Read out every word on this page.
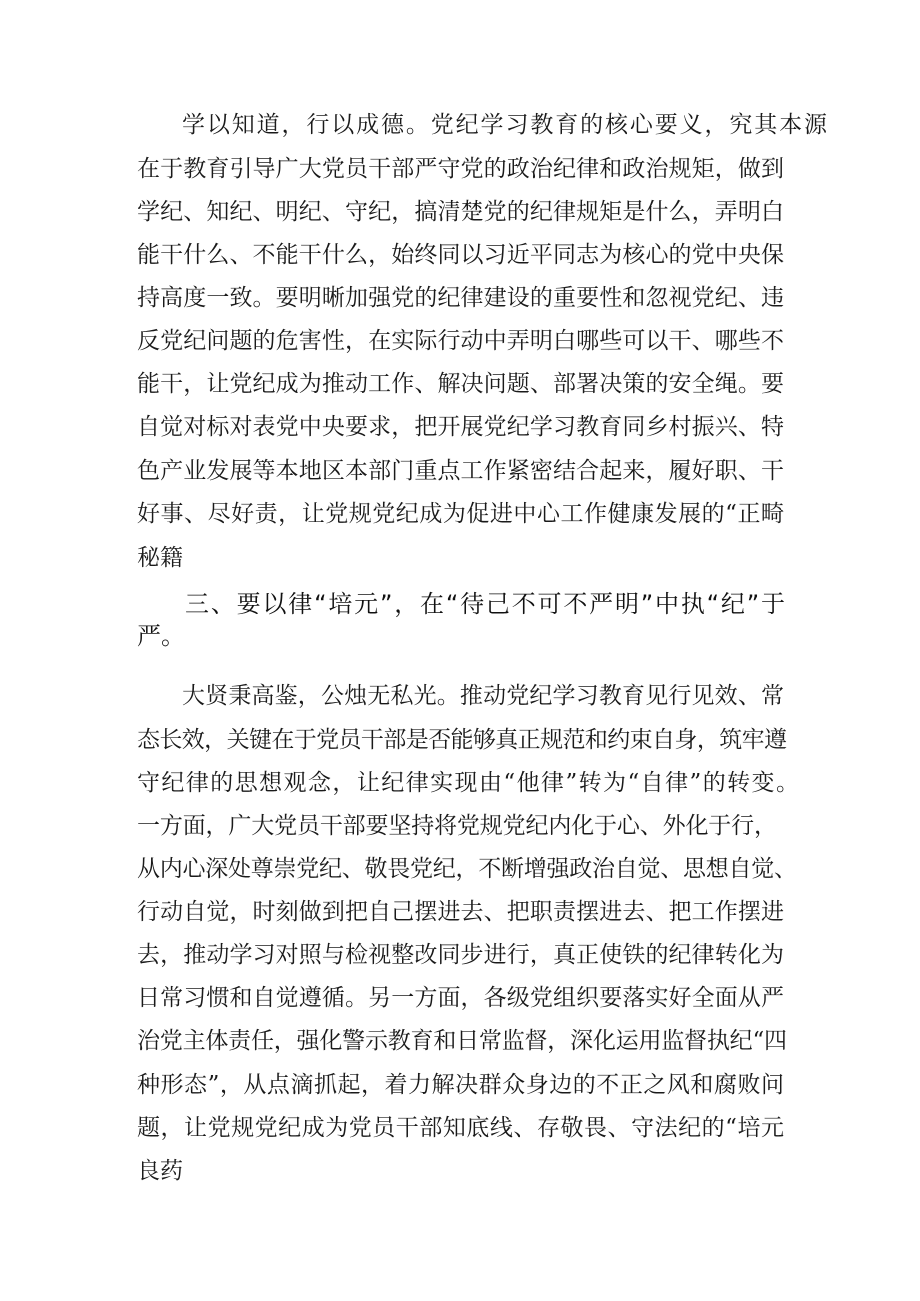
学以知道，行以成德。党纪学习教育的核心要义，究其本源
在于教育引导广大党员干部严守党的政治纪律和政治规矩，做到
学纪、知纪、明纪、守纪，搞清楚党的纪律规矩是什么，弄明白
能干什么、不能干什么，始终同以习近平同志为核心的党中央保
持高度一致。要明晰加强党的纪律建设的重要性和忽视党纪、违
反党纪问题的危害性，在实际行动中弄明白哪些可以干、哪些不
能干，让党纪成为推动工作、解决问题、部署决策的安全绳。要
自觉对标对表党中央要求，把开展党纪学习教育同乡村振兴、特
色产业发展等本地区本部门重点工作紧密结合起来，履好职、干
好事、尽好责，让党规党纪成为促进中心工作健康发展的“正畸
秘籍
三、要以律“培元”，在“待己不可不严明”中执“纪”于
严。
大贤秉高鉴，公烛无私光。推动党纪学习教育见行见效、常
态长效，关键在于党员干部是否能够真正规范和约束自身，筑牢遵
守纪律的思想观念，让纪律实现由“他律”转为“自律”的转变。
一方面，广大党员干部要坚持将党规党纪内化于心、外化于行，
从内心深处尊崇党纪、敬畏党纪，不断增强政治自觉、思想自觉、
行动自觉，时刻做到把自己摆进去、把职责摆进去、把工作摆进
去，推动学习对照与检视整改同步进行，真正使铁的纪律转化为
日常习惯和自觉遵循。另一方面，各级党组织要落实好全面从严
治党主体责任，强化警示教育和日常监督，深化运用监督执纪“四
种形态”，从点滴抓起，着力解决群众身边的不正之风和腐败问
题，让党规党纪成为党员干部知底线、存敬畏、守法纪的“培元
良药
